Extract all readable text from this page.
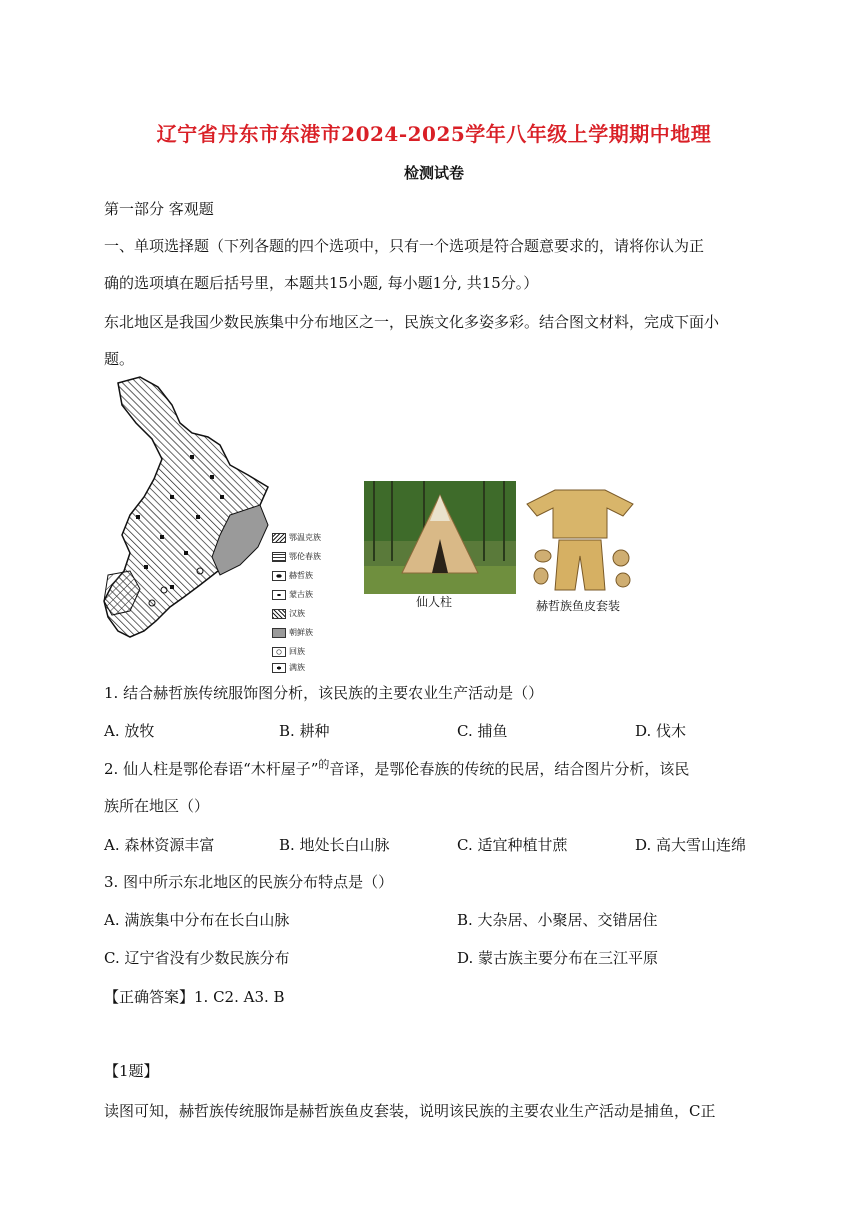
辽宁省丹东市东港市2024-2025学年八年级上学期期中地理
检测试卷
第一部分 客观题
一、单项选择题（下列各题的四个选项中，只有一个选项是符合题意要求的，请将你认为正
确的选项填在题后括号里，本题共15小题, 每小题1分, 共15分。）
东北地区是我国少数民族集中分布地区之一，民族文化多姿多彩。结合图文材料，完成下面小
题。
鄂温克族
鄂伦春族
赫哲族
蒙古族
汉族
朝鲜族
回族
满族
仙人柱	赫哲族鱼皮套装
1. 结合赫哲族传统服饰图分析，该民族的主要农业生产活动是（）
A. 放牧	B. 耕种	C. 捕鱼	D. 伐木
2. 仙人柱是鄂伦春语“木杆屋子”$^的$音译，是鄂伦春族的传统的民居，结合图片分析，该民
族所在地区（）
A. 森林资源丰富	B. 地处长白山脉	C. 适宜种植甘蔗	D. 高大雪山连绵
3. 图中所示东北地区的民族分布特点是（）
A. 满族集中分布在长白山脉	B. 大杂居、小聚居、交错居住
C. 辽宁省没有少数民族分布	D. 蒙古族主要分布在三江平原
【正确答案】1. C2. A3. B
【1题】
读图可知，赫哲族传统服饰是赫哲族鱼皮套装，说明该民族的主要农业生产活动是捕鱼，C正
